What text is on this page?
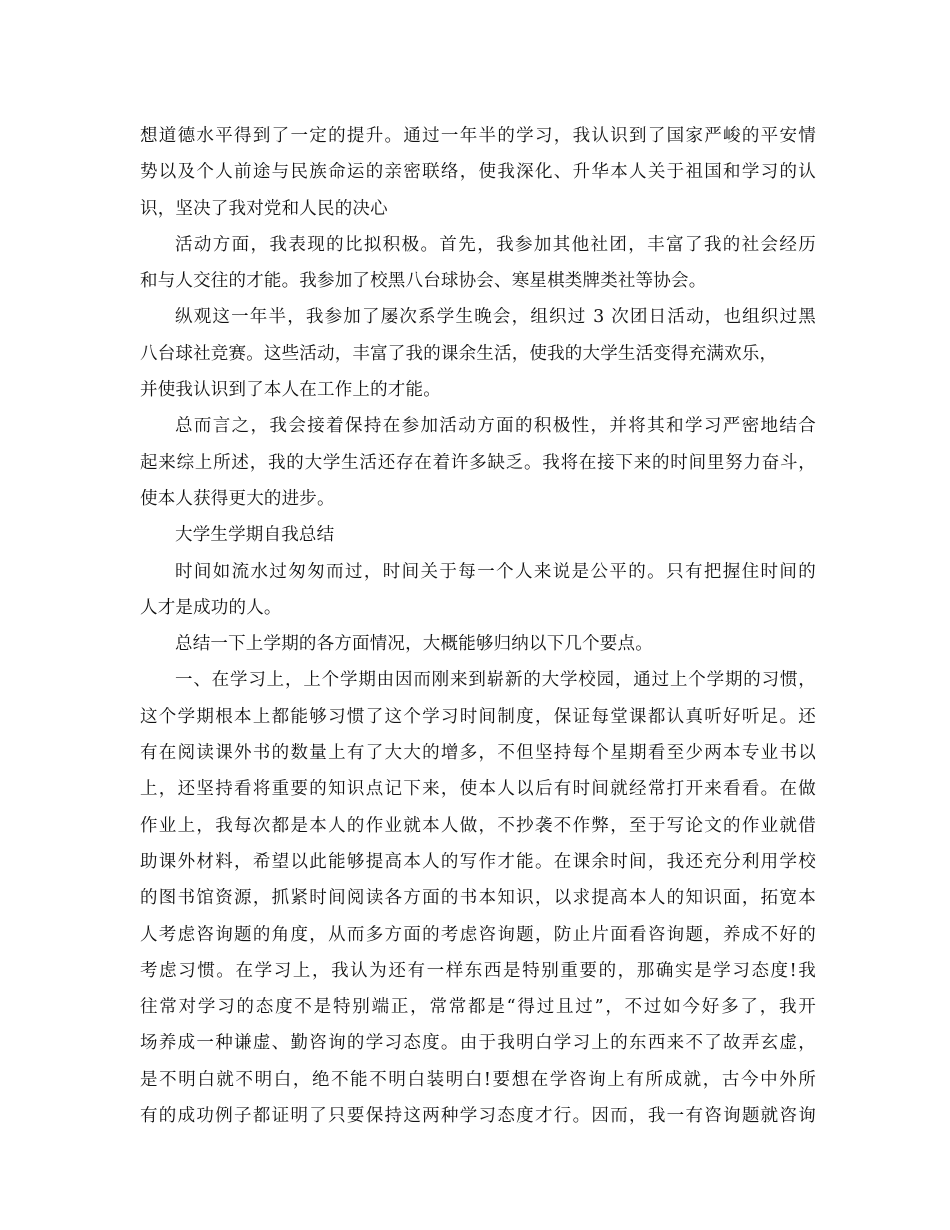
想道德水平得到了一定的提升。通过一年半的学习，我认识到了国家严峻的平安情
势以及个人前途与民族命运的亲密联络，使我深化、升华本人关于祖国和学习的认
识，坚决了我对党和人民的决心
活动方面，我表现的比拟积极。首先，我参加其他社团，丰富了我的社会经历
和与人交往的才能。我参加了校黑八台球协会、寒星棋类牌类社等协会。
纵观这一年半，我参加了屡次系学生晚会，组织过 3 次团日活动，也组织过黑
八台球社竞赛。这些活动，丰富了我的课余生活，使我的大学生活变得充满欢乐，
并使我认识到了本人在工作上的才能。
总而言之，我会接着保持在参加活动方面的积极性，并将其和学习严密地结合
起来综上所述，我的大学生活还存在着许多缺乏。我将在接下来的时间里努力奋斗，
使本人获得更大的进步。
大学生学期自我总结
时间如流水过匆匆而过，时间关于每一个人来说是公平的。只有把握住时间的
人才是成功的人。
总结一下上学期的各方面情况，大概能够归纳以下几个要点。
一、在学习上，上个学期由因而刚来到崭新的大学校园，通过上个学期的习惯，
这个学期根本上都能够习惯了这个学习时间制度，保证每堂课都认真听好听足。还
有在阅读课外书的数量上有了大大的增多，不但坚持每个星期看至少两本专业书以
上，还坚持看将重要的知识点记下来，使本人以后有时间就经常打开来看看。在做
作业上，我每次都是本人的作业就本人做，不抄袭不作弊，至于写论文的作业就借
助课外材料，希望以此能够提高本人的写作才能。在课余时间，我还充分利用学校
的图书馆资源，抓紧时间阅读各方面的书本知识，以求提高本人的知识面，拓宽本
人考虑咨询题的角度，从而多方面的考虑咨询题，防止片面看咨询题，养成不好的
考虑习惯。在学习上，我认为还有一样东西是特别重要的，那确实是学习态度!我
往常对学习的态度不是特别端正，常常都是“得过且过”，不过如今好多了，我开
场养成一种谦虚、勤咨询的学习态度。由于我明白学习上的东西来不了故弄玄虚，
是不明白就不明白，绝不能不明白装明白!要想在学咨询上有所成就，古今中外所
有的成功例子都证明了只要保持这两种学习态度才行。因而，我一有咨询题就咨询
